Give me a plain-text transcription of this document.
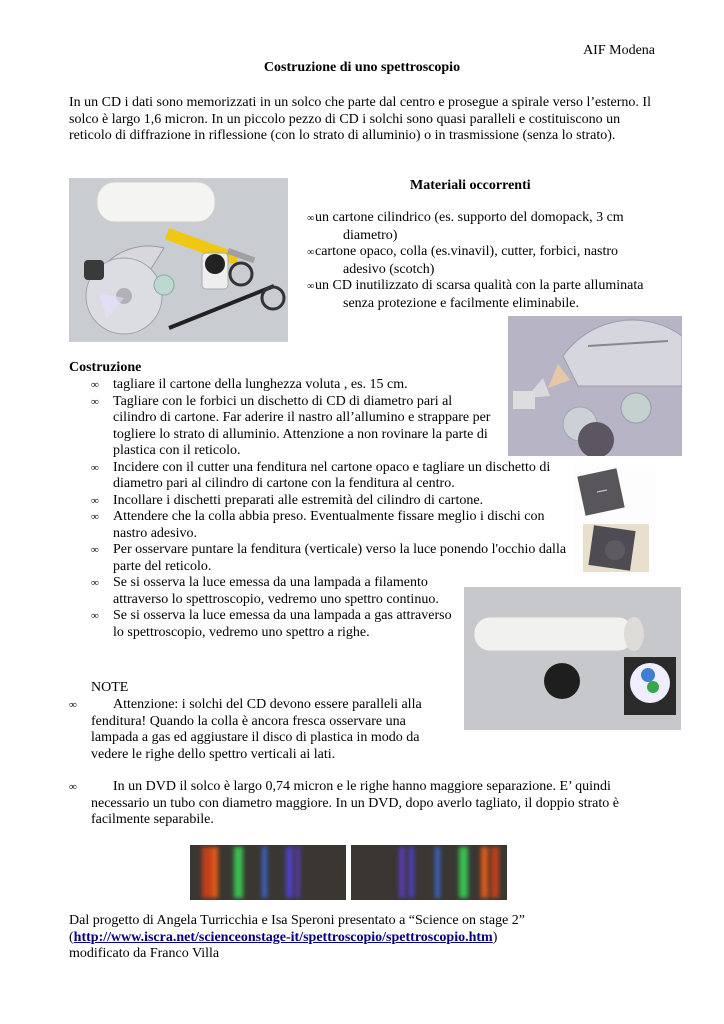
AIF Modena
Costruzione di uno spettroscopio
In un CD i dati sono memorizzati in un solco che parte dal centro e prosegue a spirale verso l’esterno. Il solco è largo 1,6 micron. In un piccolo pezzo di CD i solchi sono quasi paralleli e costituiscono un reticolo di diffrazione in riflessione (con lo strato di alluminio) o in trasmissione (senza lo strato).
Materiali occorrenti
∞un cartone cilindrico (es. supporto del domopack, 3 cm diametro)
∞cartone opaco, colla (es.vinavil), cutter, forbici, nastro adesivo (scotch)
∞un CD inutilizzato di scarsa qualità con la parte alluminata senza protezione e facilmente eliminabile.
Costruzione
∞ tagliare il cartone della lunghezza voluta , es. 15 cm.
∞ Tagliare con le forbici un dischetto di CD di diametro pari al cilindro di cartone. Far aderire il nastro all’allumino e strappare per togliere lo strato di alluminio. Attenzione a non rovinare la parte di plastica con il reticolo.
∞ Incidere con il cutter una fenditura nel cartone opaco e tagliare un dischetto di diametro pari al cilindro di cartone con la fenditura al centro.
∞ Incollare i dischetti preparati alle estremità del cilindro di cartone.
∞ Attendere che la colla abbia preso. Eventualmente fissare meglio i dischi con nastro adesivo.
∞ Per osservare puntare la fenditura (verticale) verso la luce ponendo l'occhio dalla parte del reticolo.
∞ Se si osserva la luce emessa da una lampada a filamento attraverso lo spettroscopio, vedremo uno spettro continuo.
∞ Se si osserva la luce emessa da una lampada a gas attraverso lo spettroscopio, vedremo uno spettro a righe.
NOTE
∞	Attenzione: i solchi del CD devono essere paralleli alla fenditura! Quando la colla è ancora fresca osservare una lampada a gas ed aggiustare il disco di plastica in modo da vedere le righe dello spettro verticali ai lati.

∞	In un DVD il solco è largo 0,74 micron e le righe hanno maggiore separazione. E’ quindi necessario un tubo con diametro maggiore. In un DVD, dopo averlo tagliato, il doppio strato è facilmente separabile.

Dal progetto di Angela Turricchia e Isa Speroni presentato a “Science on stage 2”
(http://www.iscra.net/scienceonstage-it/spettroscopio/spettroscopio.htm)
modificato da Franco Villa
